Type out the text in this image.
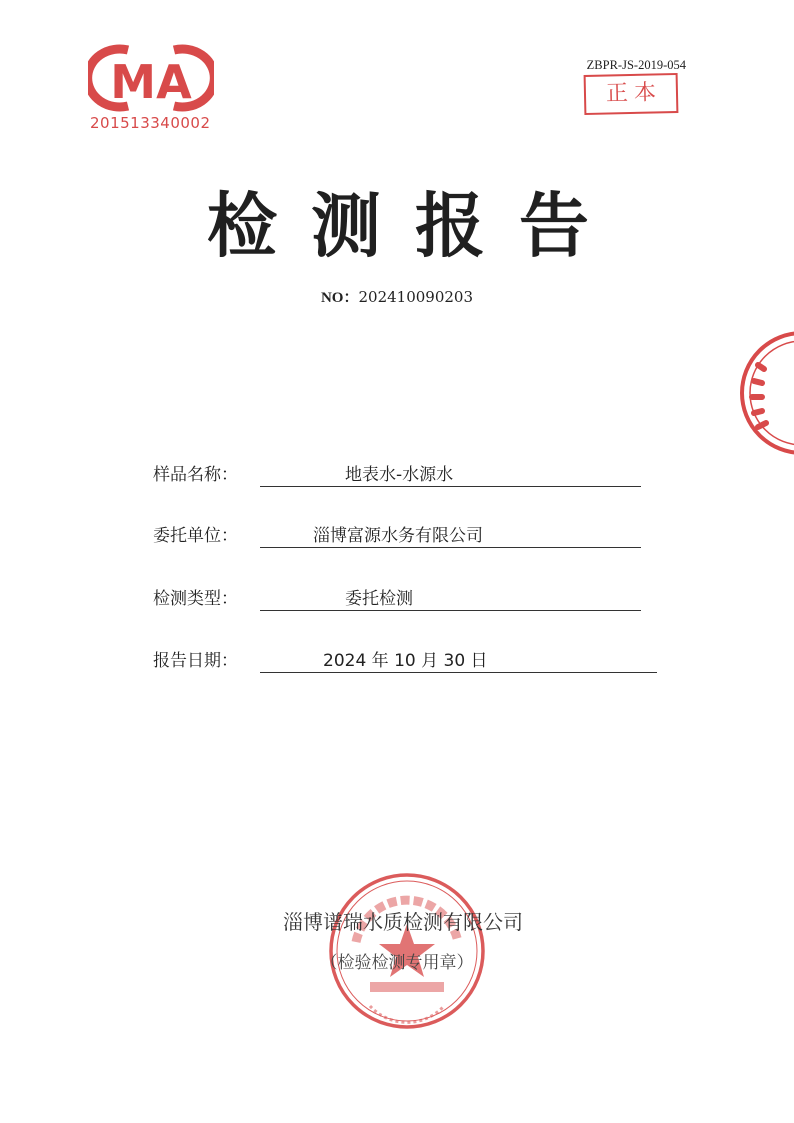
MA
201513340002
ZBPR-JS-2019-054
正本
检测报告
NO：202410090203
样品名称：	地表水-水源水
委托单位：	淄博富源水务有限公司
检测类型：	委托检测
报告日期：	2024 年 10 月 30 日
淄博谱瑞水质检测有限公司
（检验检测专用章）
